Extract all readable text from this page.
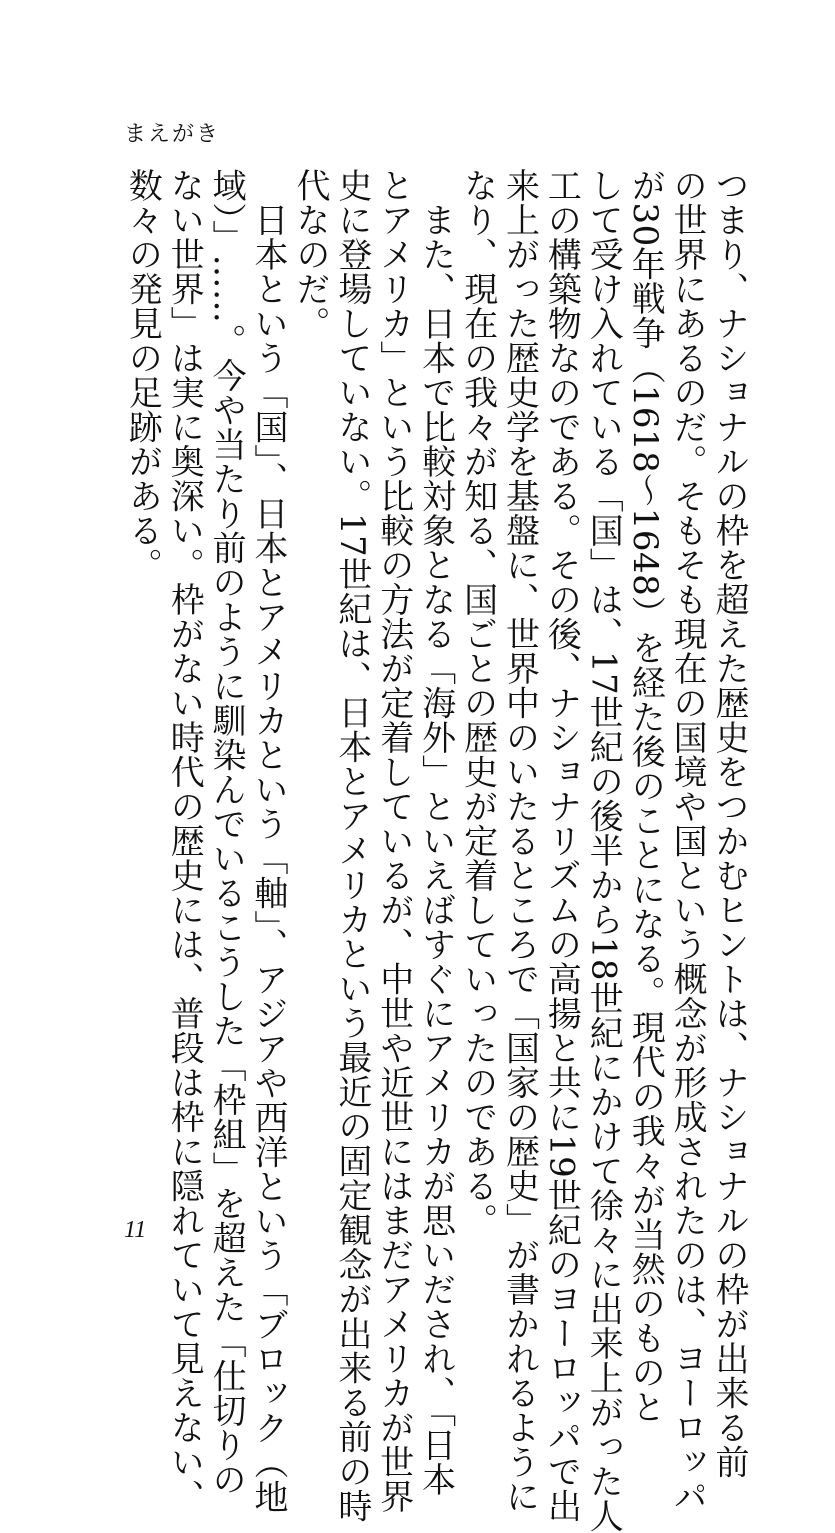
まえがき
つまり、ナショナルの枠を超えた歴史をつかむヒントは、ナショナルの枠が出来る前
の世界にあるのだ。そもそも現在の国境や国という概念が形成されたのは、ヨーロッパ
が30年戦争（1618〜1648）を経た後のことになる。現代の我々が当然のものと
して受け入れている「国」は、17世紀の後半から18世紀にかけて徐々に出来上がった人
工の構築物なのである。その後、ナショナリズムの高揚と共に19世紀のヨーロッパで出
来上がった歴史学を基盤に、世界中のいたるところで「国家の歴史」が書かれるように
なり、現在の我々が知る、国ごとの歴史が定着していったのである。
　また、日本で比較対象となる「海外」といえばすぐにアメリカが思いだされ、「日本
とアメリカ」という比較の方法が定着しているが、中世や近世にはまだアメリカが世界
史に登場していない。17世紀は、日本とアメリカという最近の固定観念が出来る前の時
代なのだ。
　日本という「国」、日本とアメリカという「軸」、アジアや西洋という「ブロック（地
域）」……。今や当たり前のように馴染んでいるこうした「枠組」を超えた「仕切りの
ない世界」は実に奥深い。枠がない時代の歴史には、普段は枠に隠れていて見えない、
数々の発見の足跡がある。
11
